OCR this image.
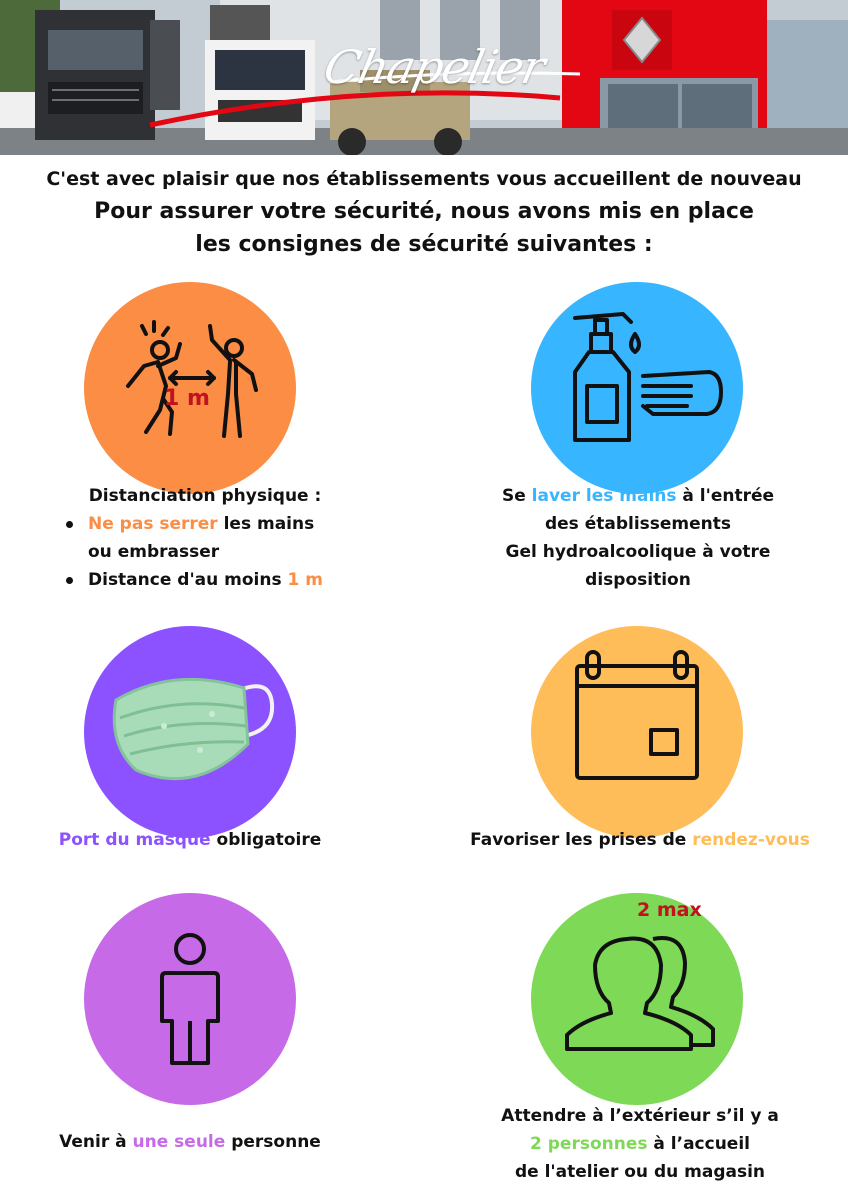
Chapelier
C'est avec plaisir que nos établissements vous accueillent de nouveau
Pour assurer votre sécurité, nous avons mis en place
les consignes de sécurité suivantes :
1 m
Distanciation physique :
Ne pas serrer les mains
ou embrasser
Distance d'au moins 1 m
Se laver les mains à l'entrée
des établissements
Gel hydroalcoolique à votre
disposition
Port du masque obligatoire	Favoriser les prises de rendez-vous
Venir à une seule personne
2 max
Attendre à l’extérieur s’il y a
2 personnes à l’accueil
de l'atelier ou du magasin
